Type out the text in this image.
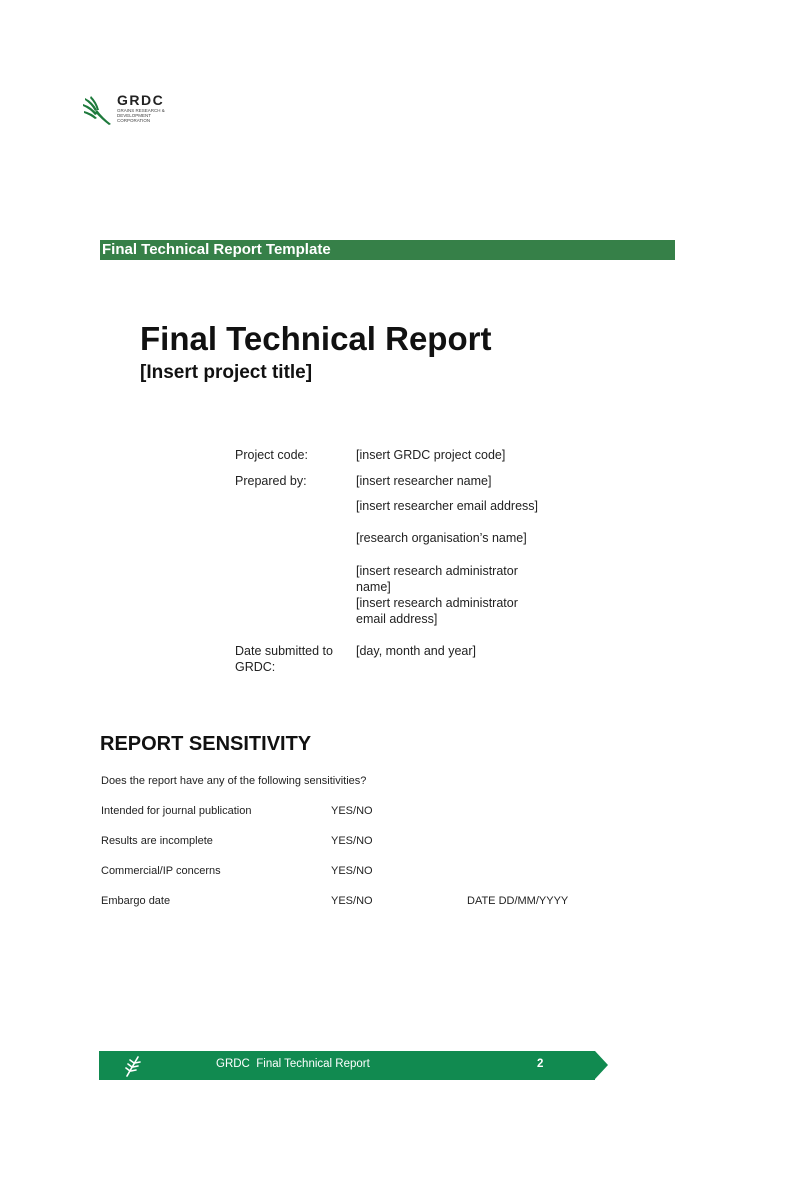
GRDC
GRAINS RESEARCH & DEVELOPMENT CORPORATION
Final Technical Report Template
Final Technical Report
[Insert project title]
Project code:	[insert GRDC project code]
Prepared by:	[insert researcher name]
[insert researcher email address]
[research organisation’s name]
[insert research administrator name]
[insert research administrator email address]
Date submitted to GRDC:
[day, month and year]
REPORT SENSITIVITY
Does the report have any of the following sensitivities?
Intended for journal publication	YES/NO
Results are incomplete	YES/NO
Commercial/IP concerns	YES/NO
Embargo date	YES/NO	DATE DD/MM/YYYY
GRDC  Final Technical Report	2
